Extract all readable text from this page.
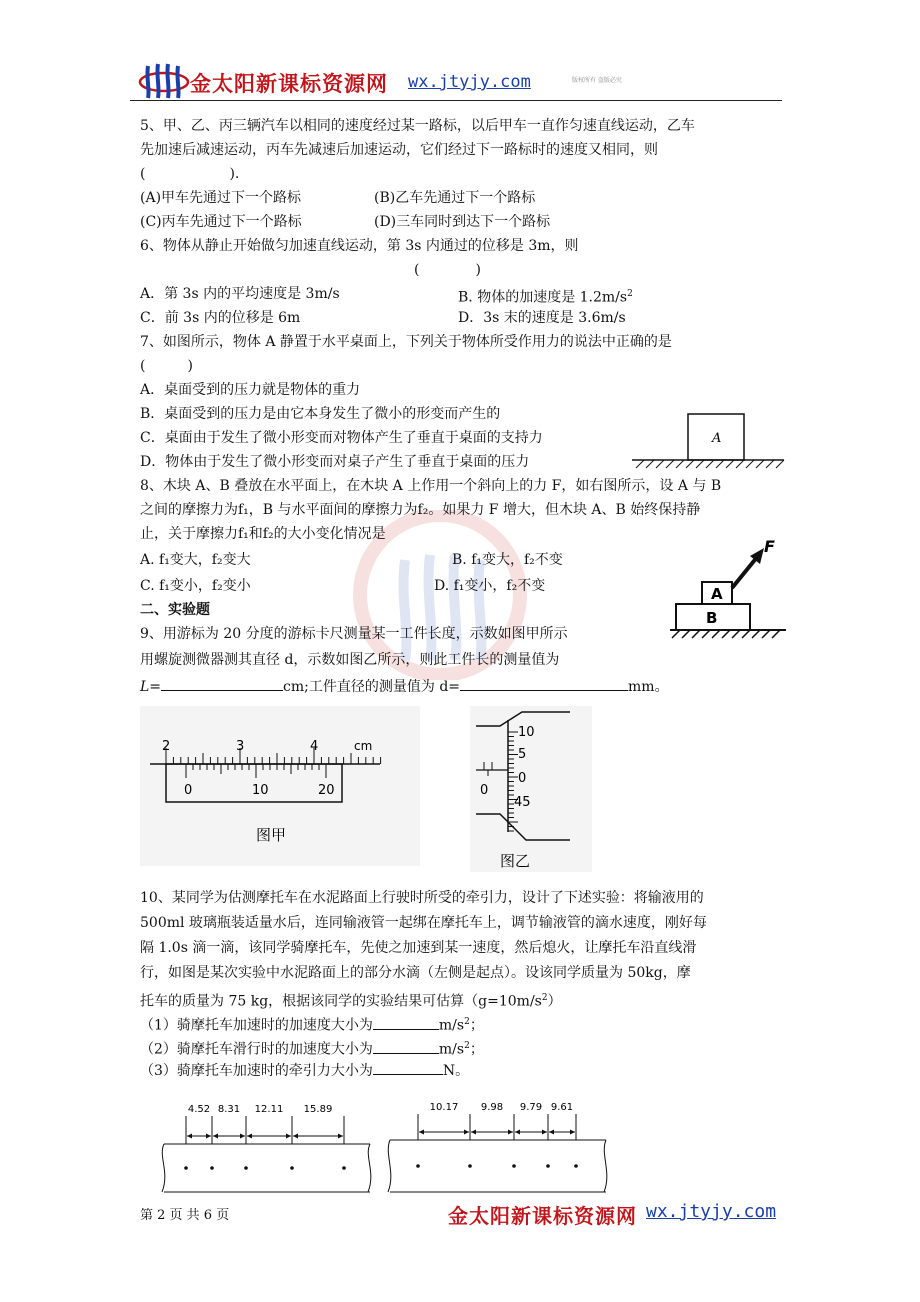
金太阳新课标资源网 wx.jtyjy.com	版权所有 盗版必究
5、甲、乙、丙三辆汽车以相同的速度经过某一路标，以后甲车一直作匀速直线运动，乙车
先加速后减速运动，丙车先减速后加速运动，它们经过下一路标时的速度又相同，则
(　　　　　　).
(A)甲车先通过下一个路标	(B)乙车先通过下一个路标
(C)丙车先通过下一个路标	(D)三车同时到达下一个路标
6、物体从静止开始做匀加速直线运动，第 3s 内通过的位移是 3m，则
(　　　　)
A．第 3s 内的平均速度是 3m/s	B. 物体的加速度是 $1.2m/s^2$
C．前 3s 内的位移是 6m	D．3s 末的速度是 3.6m/s
7、如图所示，物体 A 静置于水平桌面上，下列关于物体所受作用力的说法中正确的是
(　　　)
A．桌面受到的压力就是物体的重力
B．桌面受到的压力是由它本身发生了微小的形变而产生的
C．桌面由于发生了微小形变而对物体产生了垂直于桌面的支持力
D．物体由于发生了微小形变而对桌子产生了垂直于桌面的压力
A
8、木块 A、B 叠放在水平面上，在木块 A 上作用一个斜向上的力 F，如右图所示，设 A 与 B
之间的摩擦力为f₁，B 与水平面间的摩擦力为f₂。如果力 F 增大，但木块 A、B 始终保持静
止，关于摩擦力f₁和f₂的大小变化情况是
A. f₁变大，f₂变大	B. f₁变大，f₂不变
C. f₁变小，f₂变小	D. f₁变小，f₂不变	A
B
F
二、实验题
9、用游标为 20 分度的游标卡尺测量某一工件长度，示数如图甲所示
用螺旋测微器测其直径 d，示数如图乙所示，则此工件长的测量值为
L=	cm;工件直径的测量值为 d=	mm。
2	3	4	cm
0	10	20
图甲
10
5
0
45
0
图乙
10、某同学为估测摩托车在水泥路面上行驶时所受的牵引力，设计了下述实验：将输液用的
500ml 玻璃瓶装适量水后，连同输液管一起绑在摩托车上，调节输液管的滴水速度，刚好每
隔 1.0s 滴一滴，该同学骑摩托车，先使之加速到某一速度，然后熄火，让摩托车沿直线滑
行，如图是某次实验中水泥路面上的部分水滴（左侧是起点）。设该同学质量为 50kg，摩
托车的质量为 75 kg，根据该同学的实验结果可估算$(g=10m/s^2)$
（1）骑摩托车加速时的加速度大小为	$m/s^2$；
（2）骑摩托车滑行时的加速度大小为	$m/s^2$；
（3）骑摩托车加速时的牵引力大小为	N。
4.52 8.31 12.11 15.89	10.17 9.98 9.79 9.61
第 2 页 共 6 页	金太阳新课标资源网 wx.jtyjy.com
